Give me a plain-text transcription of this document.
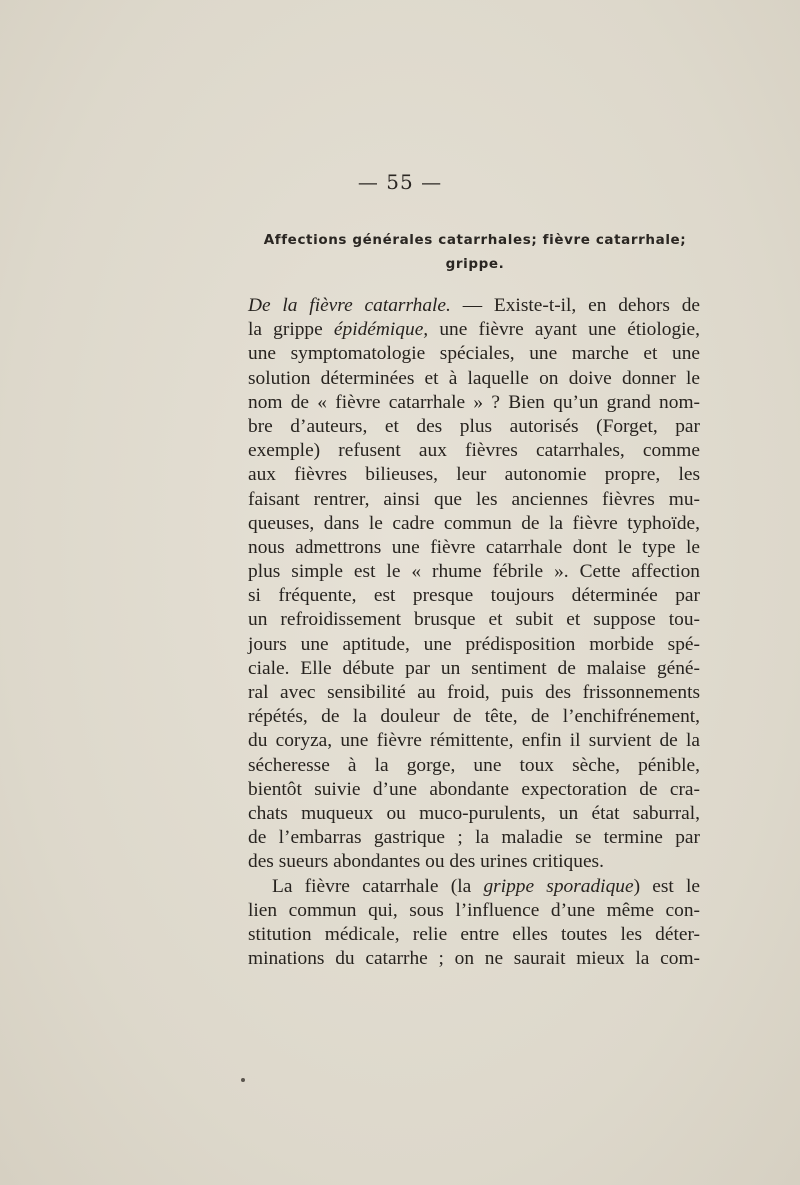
— 55 —
Affections générales catarrhales; fièvre catarrhale;
grippe.
De la fièvre catarrhale. — Existe-t-il, en dehors de
la grippe épidémique, une fièvre ayant une étiologie,
une symptomatologie spéciales, une marche et une
solution déterminées et à laquelle on doive donner le
nom de « fièvre catarrhale » ? Bien qu’un grand nom-
bre d’auteurs, et des plus autorisés (Forget, par
exemple) refusent aux fièvres catarrhales, comme
aux fièvres bilieuses, leur autonomie propre, les
faisant rentrer, ainsi que les anciennes fièvres mu-
queuses, dans le cadre commun de la fièvre typhoïde,
nous admettrons une fièvre catarrhale dont le type le
plus simple est le « rhume fébrile ». Cette affection
si fréquente, est presque toujours déterminée par
un refroidissement brusque et subit et suppose tou-
jours une aptitude, une prédisposition morbide spé-
ciale. Elle débute par un sentiment de malaise géné-
ral avec sensibilité au froid, puis des frissonnements
répétés, de la douleur de tête, de l’enchifrénement,
du coryza, une fièvre rémittente, enfin il survient de la
sécheresse à la gorge, une toux sèche, pénible,
bientôt suivie d’une abondante expectoration de cra-
chats muqueux ou muco-purulents, un état saburral,
de l’embarras gastrique ; la maladie se termine par
des sueurs abondantes ou des urines critiques.
La fièvre catarrhale (la grippe sporadique) est le
lien commun qui, sous l’influence d’une même con-
stitution médicale, relie entre elles toutes les déter-
minations du catarrhe ; on ne saurait mieux la com-
